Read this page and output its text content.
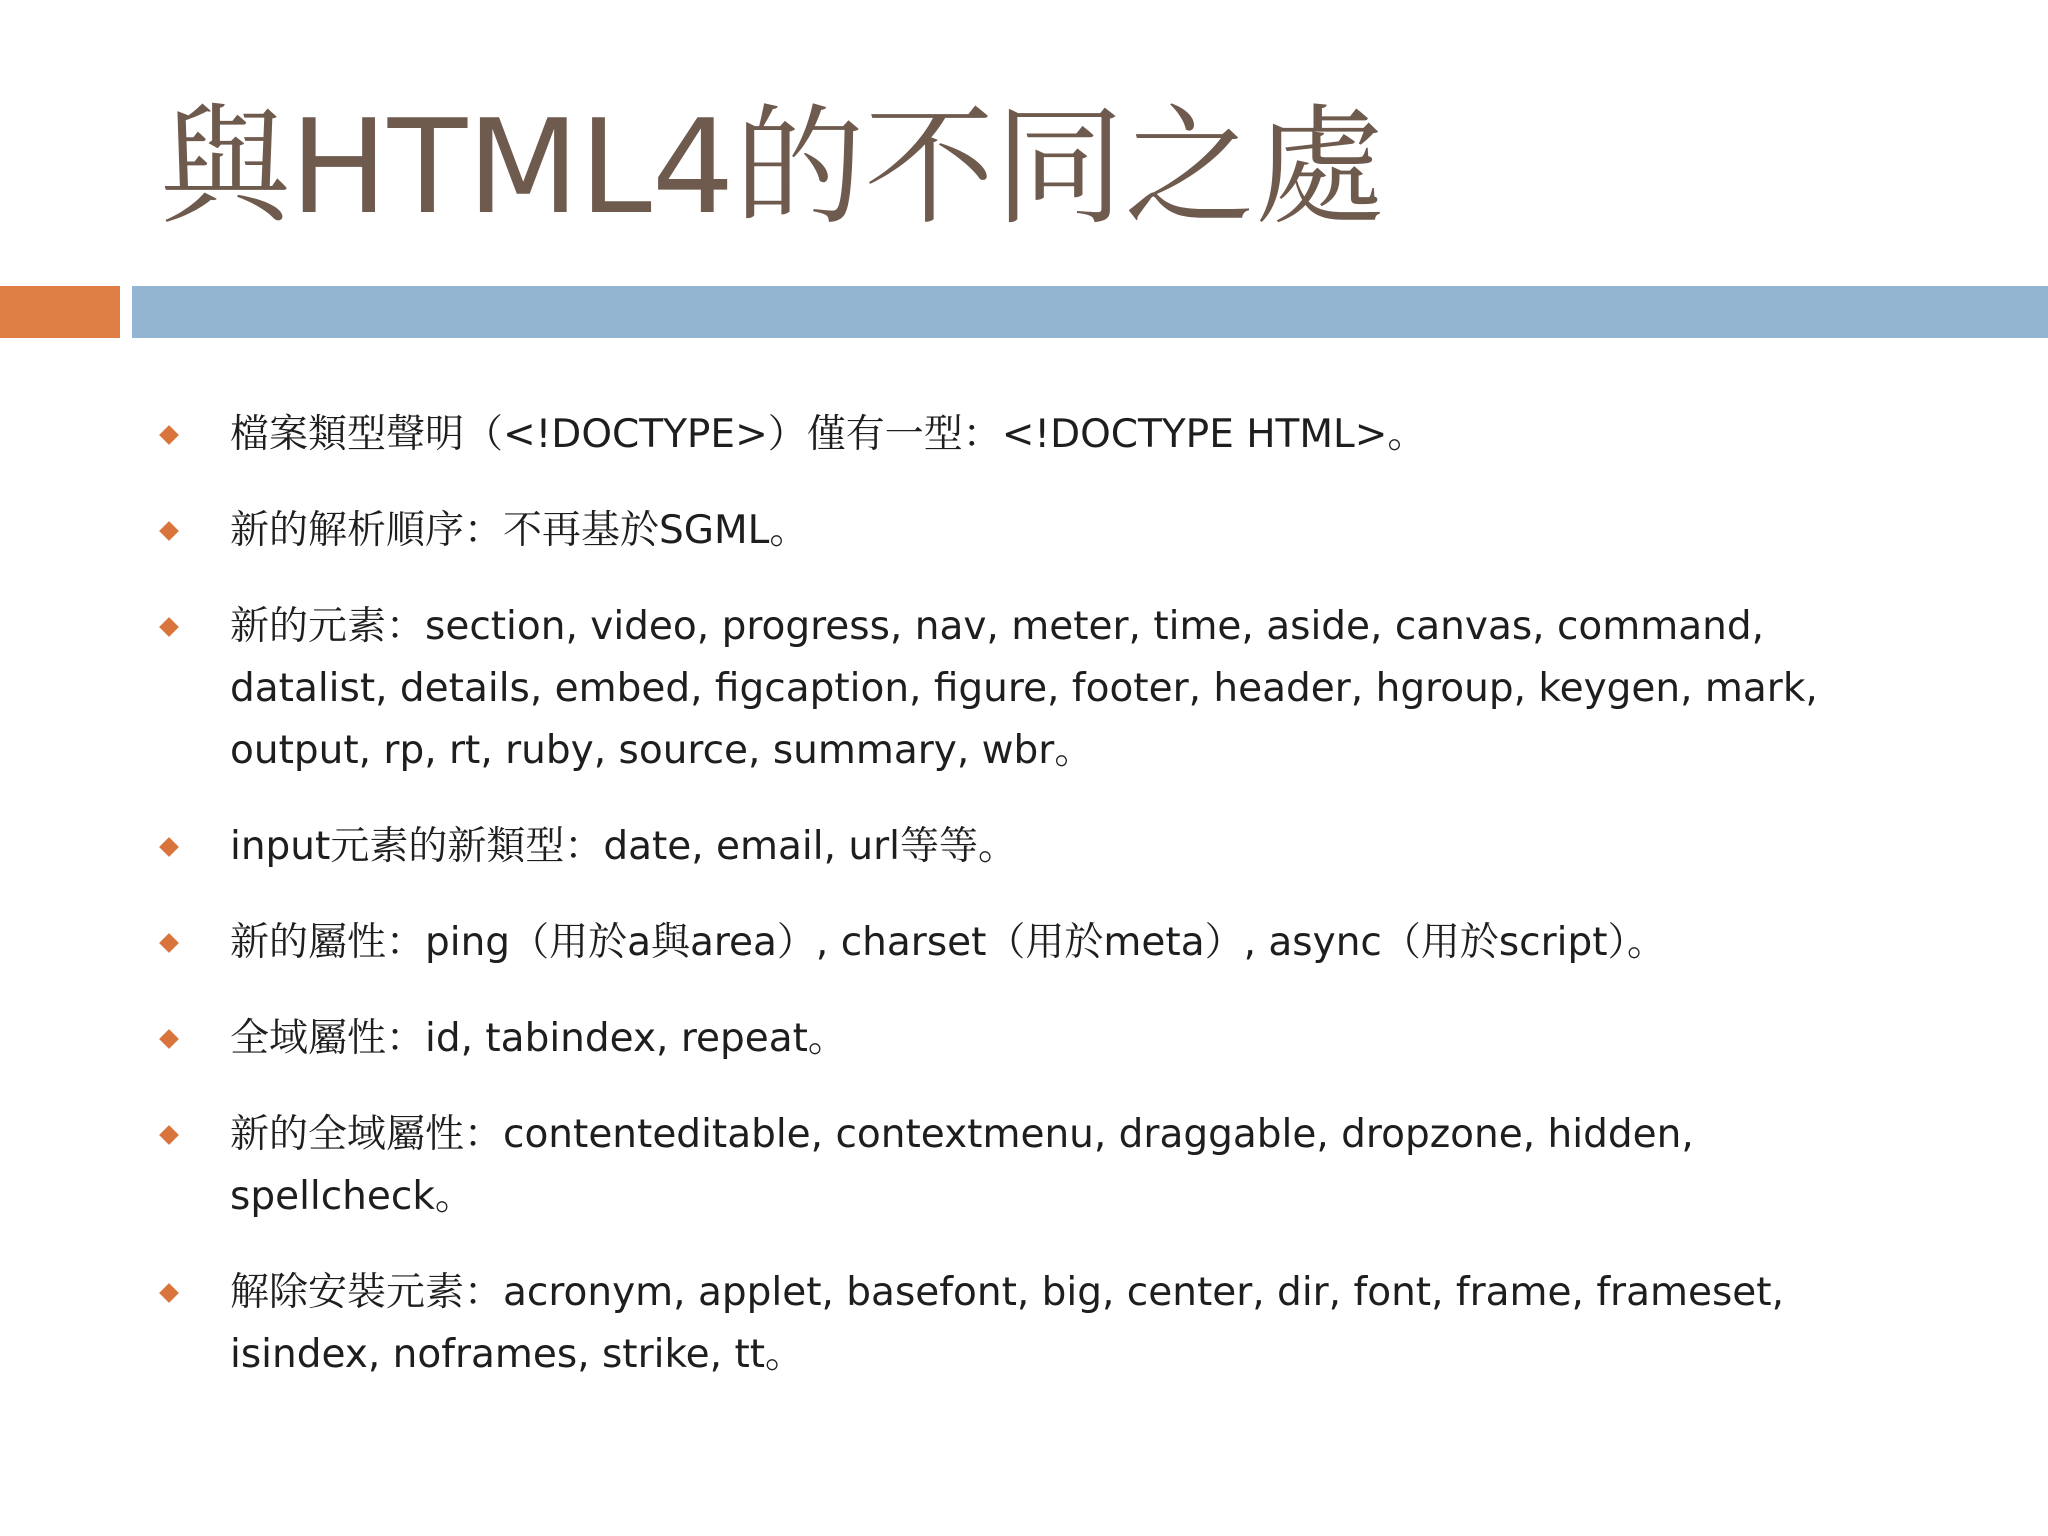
與HTML4的不同之處
檔案類型聲明（<!DOCTYPE>）僅有一型：<!DOCTYPE HTML>。
新的解析順序：不再基於SGML。
新的元素：section, video, progress, nav, meter, time, aside, canvas, command, datalist, details, embed, figcaption, figure, footer, header, hgroup, keygen, mark, output, rp, rt, ruby, source, summary, wbr。
input元素的新類型：date, email, url等等。
新的屬性：ping（用於a與area）, charset（用於meta）, async（用於script）。
全域屬性：id, tabindex, repeat。
新的全域屬性：contenteditable, contextmenu, draggable, dropzone, hidden, spellcheck。
解除安裝元素：acronym, applet, basefont, big, center, dir, font, frame, frameset, isindex, noframes, strike, tt。
